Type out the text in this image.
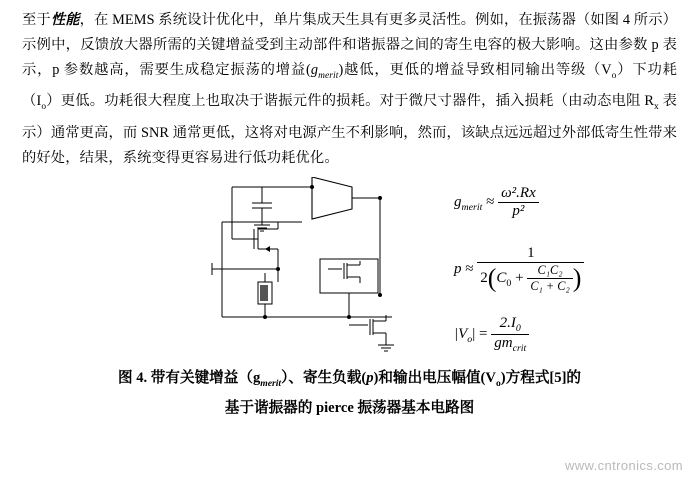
至于性能，在 MEMS 系统设计优化中，单片集成天生具有更多灵活性。例如，在振荡器（如图 4 所示）示例中，反馈放大器所需的关键增益受到主动部件和谐振器之间的寄生电容的极大影响。这由参数 p 表示，p 参数越高，需要生成稳定振荡的增益$(g_{merit})$越低，更低的增益导致相同输出等级$(V_o)$下功耗$(I_o)$更低。功耗很大程度上也取决于谐振元件的损耗。对于微尺寸器件，插入损耗（由动态电阻 $R_x$ 表示）通常更高，而 SNR 通常更低，这将对电源产生不利影响，然而，该缺点远远超过外部低寄生性带来的好处，结果，系统变得更容易进行低功耗优化。

$g_{merit} \approx \frac{\text{ω².Rx}}{\text{p²}}$
p ≈
1
$2(C_0 + \frac{\text{C₁C₂}}{\text{C₁ + C₂}}$ )
$|V_o| = \frac{2.I_0}{gm_{crit}}$
图 4. 带有关键增益$(g_{merit})$、寄生负载(p)和输出电压幅值$(V_o)$方程式[5]的
基于谐振器的 pierce 振荡器基本电路图
www.cntronics.com
